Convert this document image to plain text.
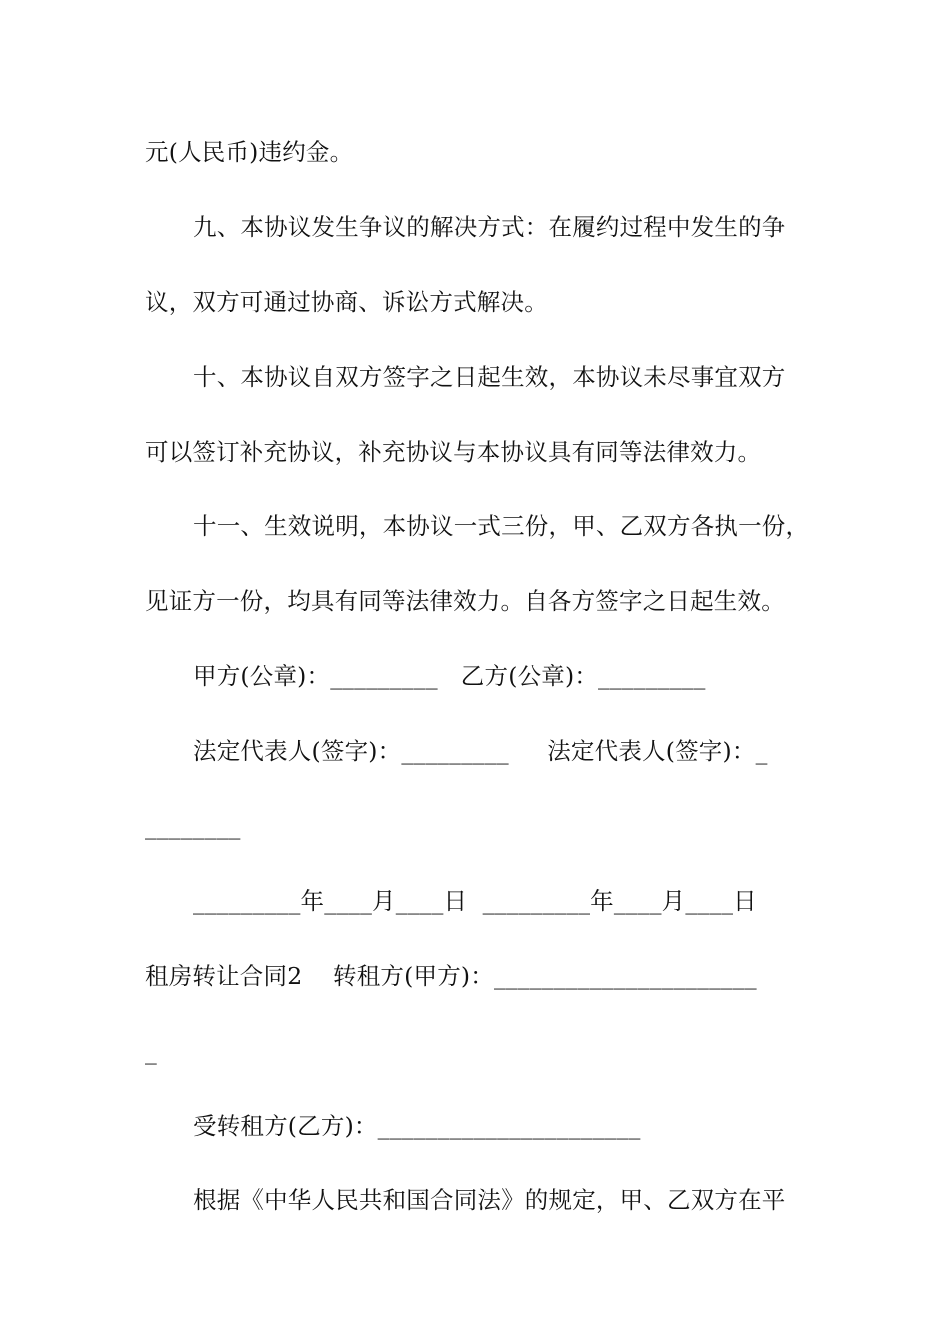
元(人民币)违约金。
九、本协议发生争议的解决方式：在履约过程中发生的争
议，双方可通过协商、诉讼方式解决。
十、本协议自双方签字之日起生效，本协议未尽事宜双方
可以签订补充协议，补充协议与本协议具有同等法律效力。
十一、生效说明，本协议一式三份，甲、乙双方各执一份，
见证方一份，均具有同等法律效力。自各方签字之日起生效。
甲方(公章)：_________   乙方(公章)：_________
法定代表人(签字)：_________     法定代表人(签字)：_
________
_________年____月____日  _________年____月____日
租房转让合同2    转租方(甲方)：______________________
_
受转租方(乙方)：______________________
根据《中华人民共和国合同法》的规定，甲、乙双方在平
